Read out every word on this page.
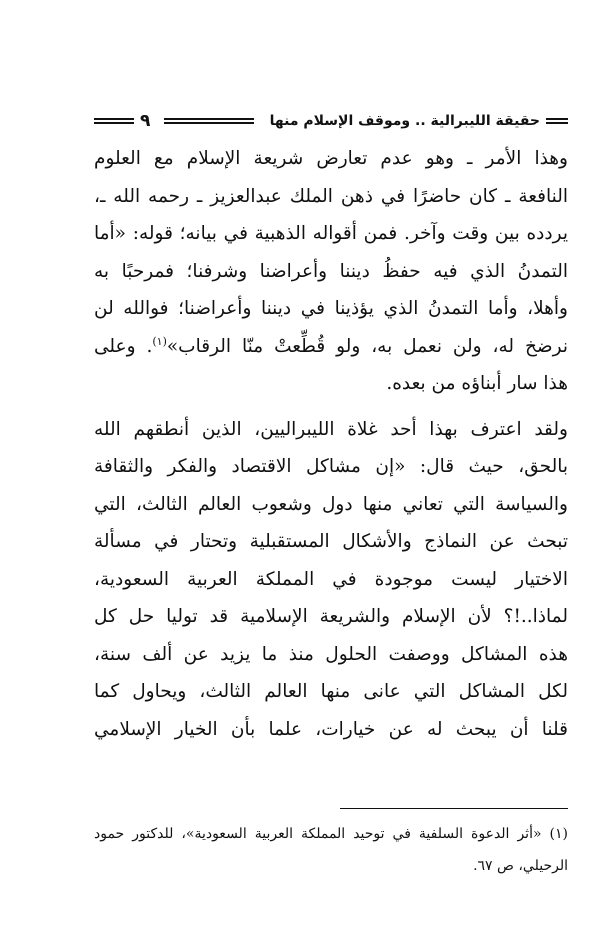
حقيقة الليبرالية .. وموقف الإسلام منها
٩
وهذا الأمر ـ وهو عدم تعارض شريعة الإسلام مع العلوم
النافعة ـ كان حاضرًا في ذهن الملك عبدالعزيز ـ رحمه الله ـ،
يردده بين وقت وآخر. فمن أقواله الذهبية في بيانه؛ قوله: «أما
التمدنُ الذي فيه حفظُ ديننا وأعراضنا وشرفنا؛ فمرحبًا به
وأهلا، وأما التمدنُ الذي يؤذينا في ديننا وأعراضنا؛ فوالله لن
نرضخ له، ولن نعمل به، ولو قُطِّعتْ منّا الرقاب»$^{(١)}$. وعلى
هذا سار أبناؤه من بعده.
ولقد اعترف بهذا أحد غلاة الليبراليين، الذين أنطقهم الله
بالحق، حيث قال: «إن مشاكل الاقتصاد والفكر والثقافة
والسياسة التي تعاني منها دول وشعوب العالم الثالث، التي
تبحث عن النماذج والأشكال المستقبلية وتحتار في مسألة
الاختيار ليست موجودة في المملكة العربية السعودية،
لماذا..!؟ لأن الإسلام والشريعة الإسلامية قد توليا حل كل
هذه المشاكل ووصفت الحلول منذ ما يزيد عن ألف سنة،
لكل المشاكل التي عانى منها العالم الثالث، ويحاول كما
قلنا أن يبحث له عن خيارات، علما بأن الخيار الإسلامي
(١) «أثر الدعوة السلفية في توحيد المملكة العربية السعودية»، للدكتور حمود
الرحيلي، ص ٦٧.
